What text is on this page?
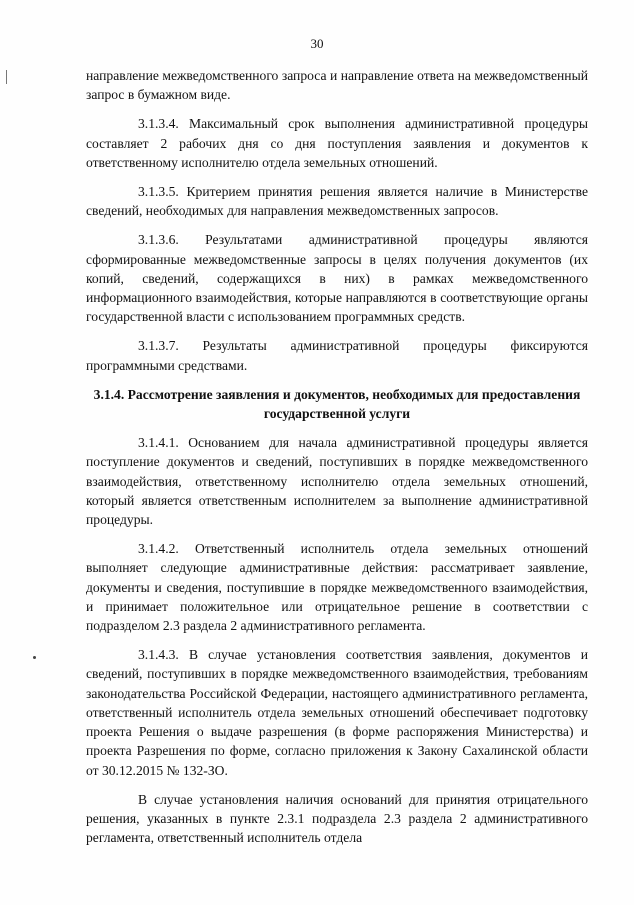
30

направление межведомственного запроса и направление ответа на межведомственный запрос в бумажном виде.

3.1.3.4. Максимальный срок выполнения административной процедуры составляет 2 рабочих дня со дня поступления заявления и документов к ответственному исполнителю отдела земельных отношений.

3.1.3.5. Критерием принятия решения является наличие в Министерстве сведений, необходимых для направления межведомственных запросов.

3.1.3.6. Результатами административной процедуры являются сформированные межведомственные запросы в целях получения документов (их копий, сведений, содержащихся в них) в рамках межведомственного информационного взаимодействия, которые направляются в соответствующие органы государственной власти с использованием программных средств.

3.1.3.7. Результаты административной процедуры фиксируются программными средствами.

3.1.4. Рассмотрение заявления и документов, необходимых для предоставления государственной услуги

3.1.4.1. Основанием для начала административной процедуры является поступление документов и сведений, поступивших в порядке межведомственного взаимодействия, ответственному исполнителю отдела земельных отношений, который является ответственным исполнителем за выполнение административной процедуры.

3.1.4.2. Ответственный исполнитель отдела земельных отношений выполняет следующие административные действия: рассматривает заявление, документы и сведения, поступившие в порядке межведомственного взаимодействия, и принимает положительное или отрицательное решение в соответствии с подразделом 2.3 раздела 2 административного регламента.

3.1.4.3. В случае установления соответствия заявления, документов и сведений, поступивших в порядке межведомственного взаимодействия, требованиям законодательства Российской Федерации, настоящего административного регламента, ответственный исполнитель отдела земельных отношений обеспечивает подготовку проекта Решения о выдаче разрешения (в форме распоряжения Министерства) и проекта Разрешения по форме, согласно приложения к Закону Сахалинской области от 30.12.2015 № 132-ЗО.

В случае установления наличия оснований для принятия отрицательного решения, указанных в пункте 2.3.1 подраздела 2.3 раздела 2 административного регламента, ответственный исполнитель отдела
